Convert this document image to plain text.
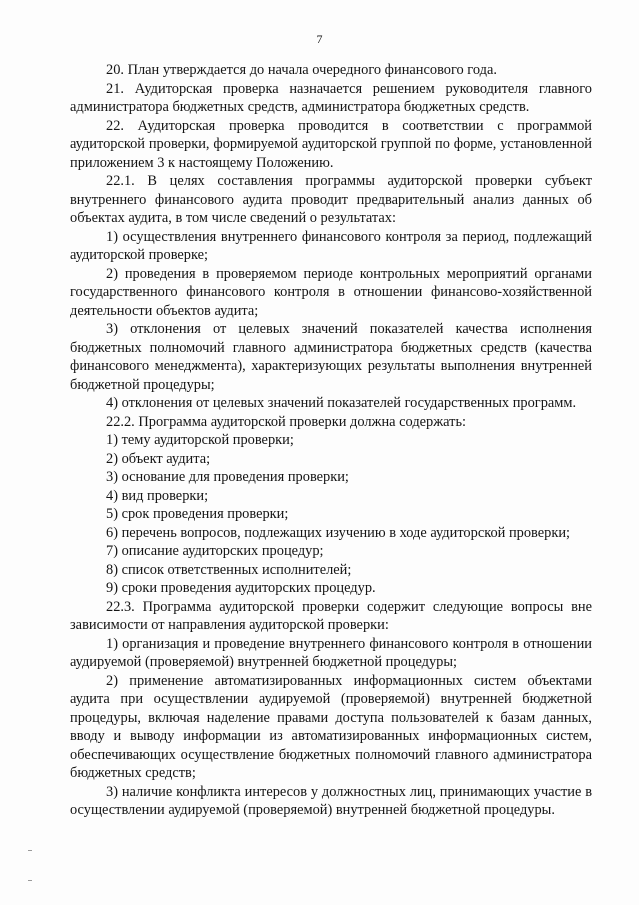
7

20. План утверждается до начала очередного финансового года.

21. Аудиторская проверка назначается решением руководителя главного администратора бюджетных средств, администратора бюджетных средств.

22. Аудиторская проверка проводится в соответствии с программой аудиторской проверки, формируемой аудиторской группой по форме, установленной приложением 3 к настоящему Положению.

22.1. В целях составления программы аудиторской проверки субъект внутреннего финансового аудита проводит предварительный анализ данных об объектах аудита, в том числе сведений о результатах:

1) осуществления внутреннего финансового контроля за период, подлежащий аудиторской проверке;

2) проведения в проверяемом периоде контрольных мероприятий органами государственного финансового контроля в отношении финансово-хозяйственной деятельности объектов аудита;

3) отклонения от целевых значений показателей качества исполнения бюджетных полномочий главного администратора бюджетных средств (качества финансового менеджмента), характеризующих результаты выполнения внутренней бюджетной процедуры;

4) отклонения от целевых значений показателей государственных программ.

22.2. Программа аудиторской проверки должна содержать:

1) тему аудиторской проверки;

2) объект аудита;

3) основание для проведения проверки;

4) вид проверки;

5) срок проведения проверки;

6) перечень вопросов, подлежащих изучению в ходе аудиторской проверки;

7) описание аудиторских процедур;

8) список ответственных исполнителей;

9) сроки проведения аудиторских процедур.

22.3. Программа аудиторской проверки содержит следующие вопросы вне зависимости от направления аудиторской проверки:

1) организация и проведение внутреннего финансового контроля в отношении аудируемой (проверяемой) внутренней бюджетной процедуры;

2) применение автоматизированных информационных систем объектами аудита при осуществлении аудируемой (проверяемой) внутренней бюджетной процедуры, включая наделение правами доступа пользователей к базам данных, вводу и выводу информации из автоматизированных информационных систем, обеспечивающих осуществление бюджетных полномочий главного администратора бюджетных средств;

3) наличие конфликта интересов у должностных лиц, принимающих участие в осуществлении аудируемой (проверяемой) внутренней бюджетной процедуры.
